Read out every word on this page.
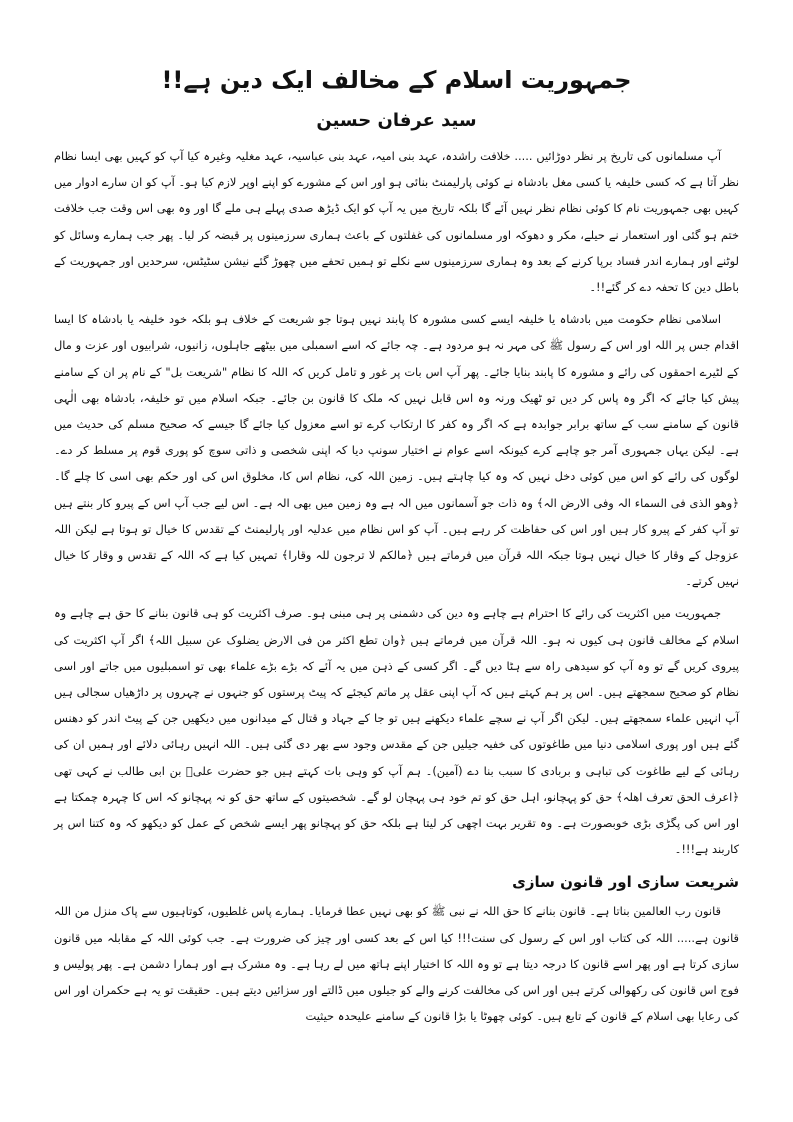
جمہوریت اسلام کے مخالف ایک دین ہے!!
سید عرفان حسین

آپ مسلمانوں کی تاریخ پر نظر دوڑائیں ..... خلافت راشدہ، عہد بنی امیہ، عہد بنی عباسیہ، عہد مغلیہ وغیرہ کیا آپ کو کہیں بھی ایسا نظام نظر آتا ہے کہ کسی خلیفہ یا کسی مغل بادشاہ نے کوئی پارلیمنٹ بنائی ہو اور اس کے مشورے کو اپنے اوپر لازم کیا ہو۔ آپ کو ان سارے ادوار میں کہیں بھی جمہوریت نام کا کوئی نظام نظر نہیں آئے گا بلکہ تاریخ میں یہ آپ کو ایک ڈیڑھ صدی پہلے ہی ملے گا اور وہ بھی اس وقت جب خلافت ختم ہو گئی اور استعمار نے حیلے، مکر و دھوکہ اور مسلمانوں کی غفلتوں کے باعث ہماری سرزمینوں پر قبضہ کر لیا۔ پھر جب ہمارے وسائل کو لوٹنے اور ہمارے اندر فساد برپا کرنے کے بعد وہ ہماری سرزمینوں سے نکلے تو ہمیں تحفے میں چھوڑ گئے نیشن سٹیٹس، سرحدیں اور جمہوریت کے باطل دین کا تحفہ دے کر گئے!!۔

اسلامی نظام حکومت میں بادشاہ یا خلیفہ ایسے کسی مشورہ کا پابند نہیں ہوتا جو شریعت کے خلاف ہو بلکہ خود خلیفہ یا بادشاہ کا ایسا اقدام جس پر اللہ اور اس کے رسول ﷺ کی مہر نہ ہو مردود ہے۔ چہ جائے کہ اسے اسمبلی میں بیٹھے جاہلوں، زانیوں، شرابیوں اور عزت و مال کے لٹیرے احمقوں کی رائے و مشورہ کا پابند بنایا جائے۔ پھر آپ اس بات پر غور و تامل کریں کہ اللہ کا نظام "شریعت بل" کے نام پر ان کے سامنے پیش کیا جائے کہ اگر وہ پاس کر دیں تو ٹھیک ورنہ وہ اس قابل نہیں کہ ملک کا قانون بن جائے۔ جبکہ اسلام میں تو خلیفہ، بادشاہ بھی الٰہی قانون کے سامنے سب کے ساتھ برابر جوابدہ ہے کہ اگر وہ کفر کا ارتکاب کرے تو اسے معزول کیا جائے گا جیسے کہ صحیح مسلم کی حدیث میں ہے۔ لیکن یہاں جمہوری آمر جو چاہے کرے کیونکہ اسے عوام نے اختیار سونپ دیا کہ اپنی شخصی و ذاتی سوچ کو پوری قوم پر مسلط کر دے۔ لوگوں کی رائے کو اس میں کوئی دخل نہیں کہ وہ کیا چاہتے ہیں۔ زمین اللہ کی، نظام اس کا، مخلوق اس کی اور حکم بھی اسی کا چلے گا۔ ﴿وھو الذی فی السماء الہ وفی الارض الہ﴾ وہ ذات جو آسمانوں میں الہ ہے وہ زمین میں بھی الہ ہے۔ اس لیے جب آپ اس کے پیرو کار بنتے ہیں تو آپ کفر کے پیرو کار ہیں اور اس کی حفاظت کر رہے ہیں۔ آپ کو اس نظام میں عدلیہ اور پارلیمنٹ کے تقدس کا خیال تو ہوتا ہے لیکن اللہ عزوجل کے وقار کا خیال نہیں ہوتا جبکہ اللہ قرآن میں فرماتے ہیں ﴿مالکم لا ترجون للہ وقارا﴾ تمہیں کیا ہے کہ اللہ کے تقدس و وقار کا خیال نہیں کرتے۔

جمہوریت میں اکثریت کی رائے کا احترام ہے چاہے وہ دین کی دشمنی پر ہی مبنی ہو۔ صرف اکثریت کو ہی قانون بنانے کا حق ہے چاہے وہ اسلام کے مخالف قانون ہی کیوں نہ ہو۔ اللہ قرآن میں فرماتے ہیں ﴿وان تطع اکثر من فی الارض یضلوک عن سبیل اللہ﴾ اگر آپ اکثریت کی پیروی کریں گے تو وہ آپ کو سیدھی راہ سے ہٹا دیں گے۔ اگر کسی کے ذہن میں یہ آئے کہ بڑے بڑے علماء بھی تو اسمبلیوں میں جاتے اور اسی نظام کو صحیح سمجھتے ہیں۔ اس پر ہم کہتے ہیں کہ آپ اپنی عقل پر ماتم کیجئے کہ پیٹ پرستوں کو جنہوں نے چہروں پر داڑھیاں سجالی ہیں آپ انہیں علماء سمجھتے ہیں۔ لیکن اگر آپ نے سچے علماء دیکھنے ہیں تو جا کے جہاد و قتال کے میدانوں میں دیکھیں جن کے پیٹ اندر کو دھنس گئے ہیں اور پوری اسلامی دنیا میں طاغوتوں کی خفیہ جیلیں جن کے مقدس وجود سے بھر دی گئی ہیں۔ اللہ انہیں رہائی دلائے اور ہمیں ان کی رہائی کے لیے طاغوت کی تباہی و بربادی کا سبب بنا دے (آمین)۔ ہم آپ کو وہی بات کہتے ہیں جو حضرت علیؓ بن ابی طالب نے کہی تھی ﴿اعرف الحق تعرف اھلہ﴾ حق کو پہچانو، اہل حق کو تم خود ہی پہچان لو گے۔ شخصیتوں کے ساتھ حق کو نہ پہچانو کہ اس کا چہرہ چمکتا ہے اور اس کی پگڑی بڑی خوبصورت ہے۔ وہ تقریر بہت اچھی کر لیتا ہے بلکہ حق کو پہچانو پھر ایسے شخص کے عمل کو دیکھو کہ وہ کتنا اس پر کاربند ہے!!!۔

شریعت سازی اور قانون سازی

قانون رب العالمین بناتا ہے۔ قانون بنانے کا حق اللہ نے نبی ﷺ کو بھی نہیں عطا فرمایا۔ ہمارے پاس غلطیوں، کوتاہیوں سے پاک منزل من اللہ قانون ہے..... اللہ کی کتاب اور اس کے رسول کی سنت!!! کیا اس کے بعد کسی اور چیز کی ضرورت ہے۔ جب کوئی اللہ کے مقابلہ میں قانون سازی کرتا ہے اور پھر اسے قانون کا درجہ دیتا ہے تو وہ اللہ کا اختیار اپنے ہاتھ میں لے رہا ہے۔ وہ مشرک ہے اور ہمارا دشمن ہے۔ پھر پولیس و فوج اس قانون کی رکھوالی کرتے ہیں اور اس کی مخالفت کرنے والے کو جیلوں میں ڈالتے اور سزائیں دیتے ہیں۔ حقیقت تو یہ ہے حکمران اور اس کی رعایا بھی اسلام کے قانون کے تابع ہیں۔ کوئی چھوٹا یا بڑا قانون کے سامنے علیحدہ حیثیت
